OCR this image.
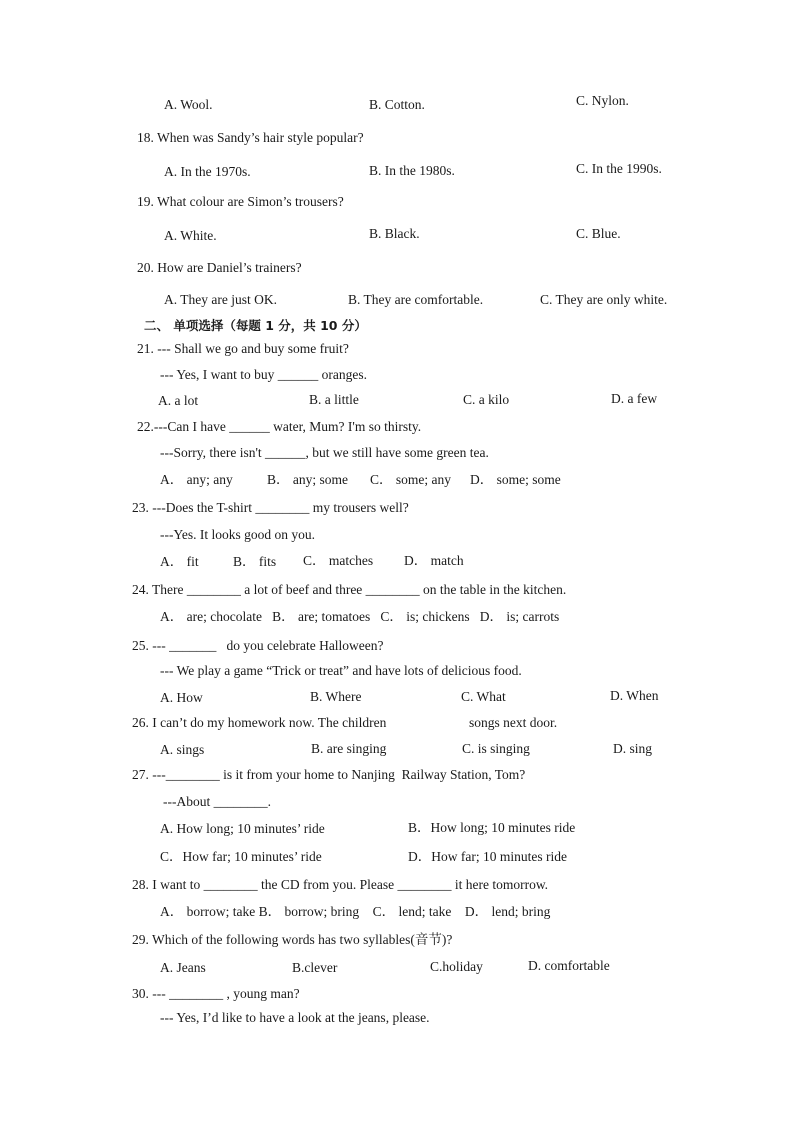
A. Wool.	B. Cotton.	C. Nylon.
18. When was Sandy’s hair style popular?
A. In the 1970s.	B. In the 1980s.	C. In the 1990s.
19. What colour are Simon’s trousers?
A. White.	B. Black.	C. Blue.
20. How are Daniel’s trainers?
A. They are just OK.	B. They are comfortable.	C. They are only white.
二、 单项选择（每题 1 分，共 10 分）
21. --- Shall we go and buy some fruit?
--- Yes, I want to buy ______ oranges.
A. a lot	B. a little	C. a kilo	D. a few
22.---Can I have ______ water, Mum? I'm so thirsty.
---Sorry, there isn't ______, but we still have some green tea.
A． any; any	B． any; some C． some; any D． some; some
23. ---Does the T-shirt ________ my trousers well?
---Yes. It looks good on you.
A． fit	B． fits C． matches D． match
24. There ________ a lot of beef and three ________ on the table in the kitchen.
A． are; chocolate   B． are; tomatoes   C． is; chickens   D． is; carrots
25. --- _______   do you celebrate Halloween?
--- We play a game “Trick or treat” and have lots of delicious food.
A. How	B. Where	C. What	D. When
26. I can’t do my homework now. The children	songs next door.
A. sings	B. are singing	C. is singing	D. sing
27. ---________ is it from your home to Nanjing  Railway Station, Tom?
---About ________.
A. How long; 10 minutes’ ride	B．How long; 10 minutes ride
C．How far; 10 minutes’ ride	D．How far; 10 minutes ride
28. I want to ________ the CD from you. Please ________ it here tomorrow.
A． borrow; take B． borrow; bring    C． lend; take    D． lend; bring
29. Which of the following words has two syllables(音节)?
A. Jeans	B.clever	C.holiday	D. comfortable
30. --- ________ , young man?
--- Yes, I’d like to have a look at the jeans, please.
